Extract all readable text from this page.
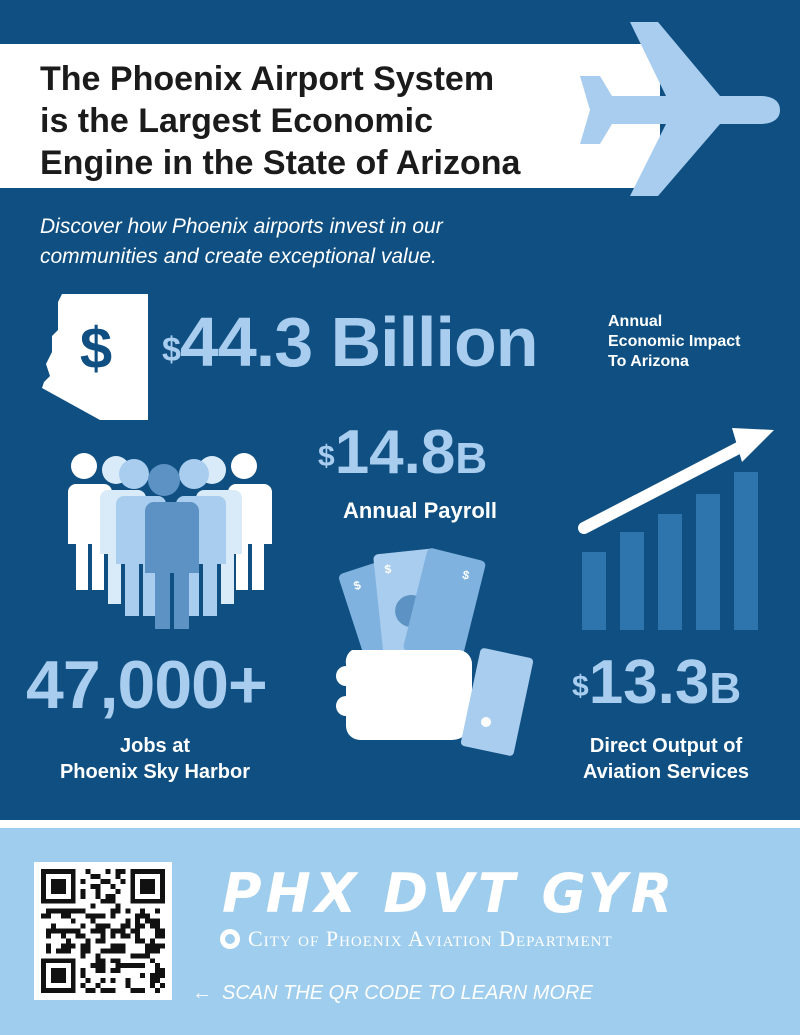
The Phoenix Airport System
is the Largest Economic
Engine in the State of Arizona
Discover how Phoenix airports invest in our
communities and create exceptional value.
$ $44.3 Billion	Annual
Economic Impact
To Arizona
$14.8B
Annual Payroll
$
$	$
47,000+
Jobs at
Phoenix Sky Harbor
$13.3B
Direct Output of
Aviation Services
PHX DVT GYR
City of Phoenix Aviation Department
← SCAN THE QR CODE TO LEARN MORE
